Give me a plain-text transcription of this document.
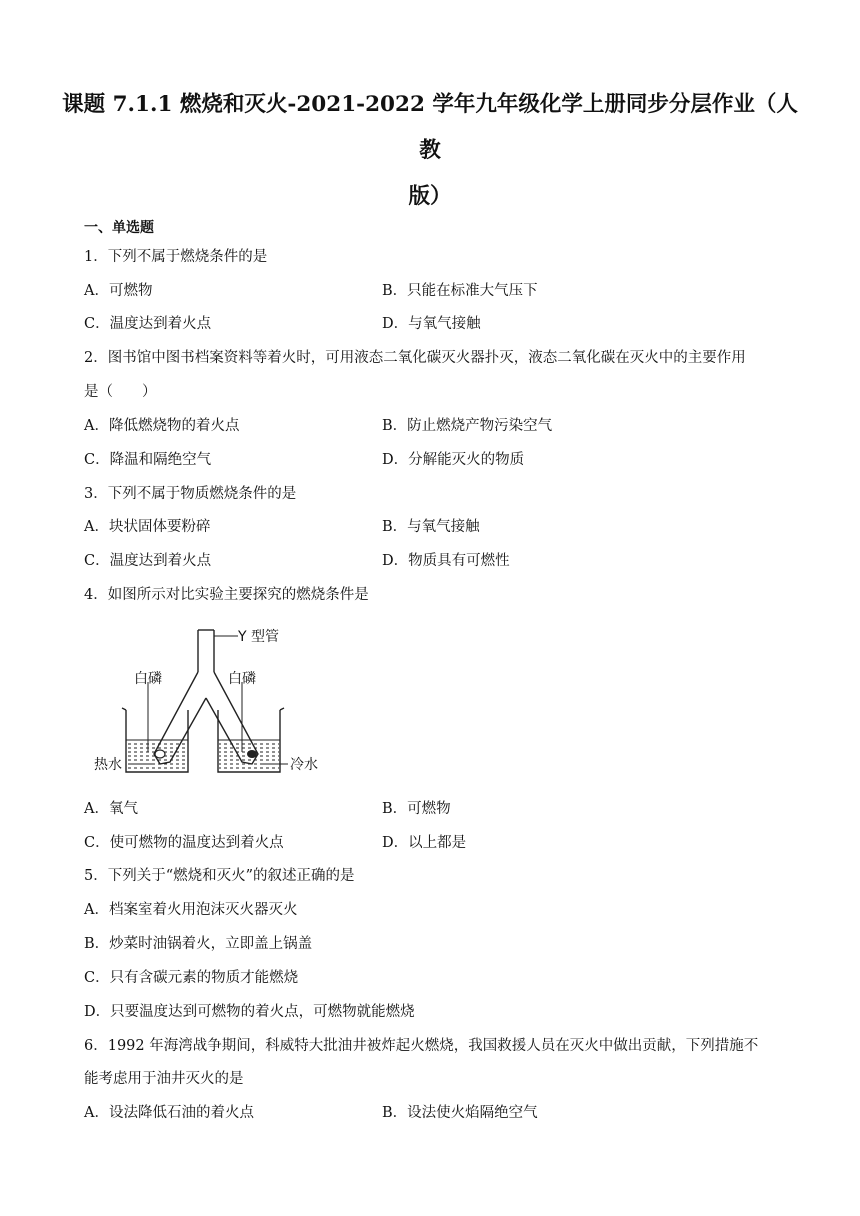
课题 7.1.1 燃烧和灭火-2021-2022 学年九年级化学上册同步分层作业（人教
版）
一、单选题
1．下列不属于燃烧条件的是
A．可燃物	B．只能在标准大气压下
C．温度达到着火点	D．与氧气接触
2．图书馆中图书档案资料等着火时，可用液态二氧化碳灭火器扑灭，液态二氧化碳在灭火中的主要作用
是（　　）
A．降低燃烧物的着火点	B．防止燃烧产物污染空气
C．降温和隔绝空气	D．分解能灭火的物质
3．下列不属于物质燃烧条件的是
A．块状固体要粉碎	B．与氧气接触
C．温度达到着火点	D．物质具有可燃性
4．如图所示对比实验主要探究的燃烧条件是
Y 型管
白磷	白磷
热水	冷水
A．氧气	B．可燃物
C．使可燃物的温度达到着火点	D．以上都是
5．下列关于“燃烧和灭火”的叙述正确的是
A．档案室着火用泡沫灭火器灭火
B．炒菜时油锅着火，立即盖上锅盖
C．只有含碳元素的物质才能燃烧
D．只要温度达到可燃物的着火点，可燃物就能燃烧
6．1992 年海湾战争期间，科威特大批油井被炸起火燃烧，我国救援人员在灭火中做出贡献，下列措施不
能考虑用于油井灭火的是
A．设法降低石油的着火点	B．设法使火焰隔绝空气
